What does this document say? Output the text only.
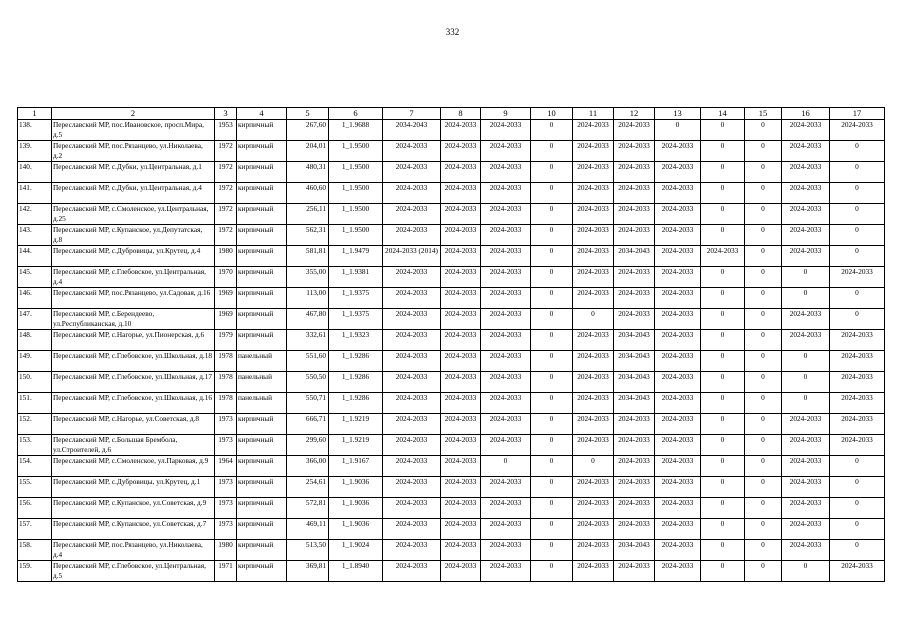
332
1	2	3	4	5	6	7	8	9	10	11	12	13	14	15	16	17
138.	Переславский МР, пос.Ивановское, просп.Мира, д.5	1953	кирпичный	267,60	1_1.9688	2034-2043	2024-2033	2024-2033	0	2024-2033	2024-2033	0	0	0	2024-2033	2024-2033
139.	Переславский МР, пос.Рязанцево, ул.Николаева, д.2	1972	кирпичный	204,01	1_1.9500	2024-2033	2024-2033	2024-2033	0	2024-2033	2024-2033	2024-2033	0	0	2024-2033	0
140.	Переславский МР, с.Дубки, ул.Центральная, д.1	1972	кирпичный	480,31	1_1.9500	2024-2033	2024-2033	2024-2033	0	2024-2033	2024-2033	2024-2033	0	0	2024-2033	0
141.	Переславский МР, с.Дубки, ул.Центральная, д.4	1972	кирпичный	460,60	1_1.9500	2024-2033	2024-2033	2024-2033	0	2024-2033	2024-2033	2024-2033	0	0	2024-2033	0
142.	Переславский МР, с.Смоленское, ул.Центральная, д.25	1972	кирпичный	256,11	1_1.9500	2024-2033	2024-2033	2024-2033	0	2024-2033	2024-2033	2024-2033	0	0	2024-2033	0
143.	Переславский МР, с.Купанское, ул.Депутатская, д.8	1972	кирпичный	562,31	1_1.9500	2024-2033	2024-2033	2024-2033	0	2024-2033	2024-2033	2024-2033	0	0	2024-2033	0
144.	Переславский МР, с.Дубровицы, ул.Крутец, д.4	1980	кирпичный	581,81	1_1.9479	2024-2033 (2014)	2024-2033	2024-2033	0	2024-2033	2034-2043	2024-2033	2024-2033	0	2024-2033	0
145.	Переславский МР, с.Глебовское, ул.Центральная, д.4	1970	кирпичный	355,00	1_1.9381	2024-2033	2024-2033	2024-2033	0	2024-2033	2024-2033	2024-2033	0	0	0	2024-2033
146.	Переславский МР, пос.Рязанцево, ул.Садовая, д.16	1969	кирпичный	113,00	1_1.9375	2024-2033	2024-2033	2024-2033	0	2024-2033	2024-2033	2024-2033	0	0	0	0
147.	Переславский МР, с.Берендеево, ул.Республиканская, д.10	1969	кирпичный	467,80	1_1.9375	2024-2033	2024-2033	2024-2033	0	0	2024-2033	2024-2033	0	0	2024-2033	0
148.	Переславский МР, с.Нагорье, ул.Пионерская, д.6	1979	кирпичный	332,61	1_1.9323	2024-2033	2024-2033	2024-2033	0	2024-2033	2034-2043	2024-2033	0	0	2024-2033	2024-2033
149.	Переславский МР, с.Глебовское, ул.Школьная, д.18	1978	панельный	551,60	1_1.9286	2024-2033	2024-2033	2024-2033	0	2024-2033	2034-2043	2024-2033	0	0	0	2024-2033
150.	Переславский МР, с.Глебовское, ул.Школьная, д.17	1978	панельный	550,50	1_1.9286	2024-2033	2024-2033	2024-2033	0	2024-2033	2034-2043	2024-2033	0	0	0	2024-2033
151.	Переславский МР, с.Глебовское, ул.Школьная, д.16	1978	панельный	550,71	1_1.9286	2024-2033	2024-2033	2024-2033	0	2024-2033	2034-2043	2024-2033	0	0	0	2024-2033
152.	Переславский МР, с.Нагорье, ул.Советская, д.8	1973	кирпичный	666,71	1_1.9219	2024-2033	2024-2033	2024-2033	0	2024-2033	2024-2033	2024-2033	0	0	2024-2033	2024-2033
153.	Переславский МР, с.Большая Брембола, ул.Строителей, д.6	1973	кирпичный	299,60	1_1.9219	2024-2033	2024-2033	2024-2033	0	2024-2033	2024-2033	2024-2033	0	0	2024-2033	2024-2033
154.	Переславский МР, с.Смоленское, ул.Парковая, д.9	1964	кирпичный	366,00	1_1.9167	2024-2033	2024-2033	0	0	0	2024-2033	2024-2033	0	0	2024-2033	0
155.	Переславский МР, с.Дубровицы, ул.Крутец, д.1	1973	кирпичный	254,61	1_1.9036	2024-2033	2024-2033	2024-2033	0	2024-2033	2024-2033	2024-2033	0	0	2024-2033	0
156.	Переславский МР, с.Купанское, ул.Советская, д.9	1973	кирпичный	572,81	1_1.9036	2024-2033	2024-2033	2024-2033	0	2024-2033	2024-2033	2024-2033	0	0	2024-2033	0
157.	Переславский МР, с.Купанское, ул.Советская, д.7	1973	кирпичный	469,11	1_1.9036	2024-2033	2024-2033	2024-2033	0	2024-2033	2024-2033	2024-2033	0	0	2024-2033	0
158.	Переславский МР, пос.Рязанцево, ул.Николаева, д.4	1980	кирпичный	513,50	1_1.9024	2024-2033	2024-2033	2024-2033	0	2024-2033	2034-2043	2024-2033	0	0	2024-2033	0
159.	Переславский МР, с.Глебовское, ул.Центральная, д.5	1971	кирпичный	369,81	1_1.8940	2024-2033	2024-2033	2024-2033	0	2024-2033	2024-2033	2024-2033	0	0	0	2024-2033
